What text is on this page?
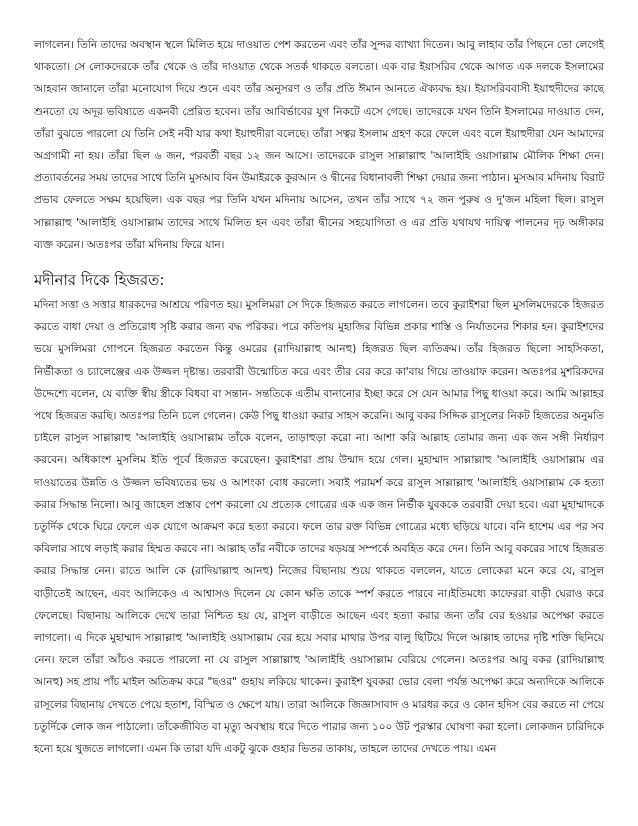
লাগলেন। তিনি তাদের অবস্থান স্থলে মিলিত হয়ে দাওয়াত পেশ করতেন এবং তাঁর সুন্দর ব্যাখ্যা দিতেন। আবু লাহাব তাঁর পিছনে তো লেগেই থাকতো। সে লোকদেরকে তাঁর থেকে ও তাঁর দাওয়াত থেকে সতর্ক থাকতে বলতো। এক বার ইয়াসরিব থেকে আগত এক দলকে ইসলামের আহবান জানালে তাঁরা মনোযোগ দিয়ে শুনে এবং তাঁর অনুসরণ ও তাঁর প্রতি ঈমান আনতে ঐক্যবদ্ধ হয়। ইয়াসরিববাসী ইয়াহুদীদের কাছে শুনতো যে অদূর ভবিষ্যতে একনবী প্রেরিত হবেন। তাঁর আবির্ভাবের যুগ নিকটে এসে গেছে। তাদেরকে যখন তিনি ইসলামের দাওয়াত দেন, তাঁরা বুঝতে পারলো যে তিনি সেই নবী যার কথা ইয়াহুদীরা বলেছে। তাঁরা সত্বর ইসলাম গ্রহণ করে ফেলে এবং বলে ইয়াহুদীরা যেন আমাদের অগ্রগামী না হয়। তাঁরা ছিল ৬ জন, পরবর্তী বছর ১২ জন আসে। তাদেরকে রাসুল সাল্লাল্লাহু 'আলাইহি ওয়াসাল্লাম মৌলিক শিক্ষা দেন। প্রত্যাবর্তনের সময় তাদের সাথে তিনি মুসআব বিন উমাইরকে কুরআন ও দ্বীনের বিধানাবলী শিক্ষা দেয়ার জন্য পাঠান। মুসআব মদিনায় বিরাট প্রভাব ফেলতে সক্ষম হয়েছিল। এক বছর পর তিনি যখন মদিনায় আসেন, তখন তাঁর সাথে ৭২ জন পুরুষ ও দু'জন মহিলা ছিল। রাসুল সাল্লাল্লাহু 'আলাইহি ওয়াসাল্লাম তাদের সাথে মিলিত হন এবং তাঁরা দ্বীনের সহযোগিতা ও এর প্রতি যথাযথ দায়িত্ব পালনের দৃঢ় অঙ্গীকার ব্যক্ত করেন। অতঃপর তাঁরা মদিনায় ফিরে যান।

মদীনার দিকে হিজরত:

মদিনা সত্তা ও সত্তার ধারকদের আশ্রয়ে পরিণত হয়। মুসলিমরা সে দিকে হিজরত করতে লাগলেন। তবে কুরাইশরা ছিল মুসলিমদেরকে হিজরত করতে বাধা দেয়া ও প্রতিরোধ সৃষ্টি করার জন্য বদ্ধ পরিকর। পরে কতিপয় মুহাজির বিভিন্ন প্রকার শাস্তি ও নির্যাতনের শিকার হন। কুরাইশদের ভয়ে মুসলিমরা গোপনে হিজরত করতেন কিন্তু ওমরের (রাদিয়াল্লাহু আনহু) হিজরত ছিল ব্যতিক্রম। তাঁর হিজরত ছিলো সাহসিকতা, নির্ভীকতা ও চ্যালেঞ্জের এক উজ্জল দৃষ্টান্ত। তরবারী উন্মোচিত করে এবং তীর বের করে কা'বায় গিয়ে তাওয়াফ করেন। অতঃপর মুশরিকদের উদ্দেশ্যে বলেন, যে ব্যক্তি স্বীয় স্ত্রীকে বিধবা বা সন্তান- সন্ততিকে এতীম বানানোর ইচ্ছা করে সে যেন আমার পিছু ধাওয়া করে। আমি আল্লাহর পথে হিজরত করছি। অতঃপর তিনি চলে গেলেন। কেউ পিছু ধাওয়া করার সাহস করেনি। আবু বকর সিদ্দিক রাসূলের নিকট হিজতের অনুমতি চাইলে রাসুল সাল্লাল্লাহু 'আলাইহি ওয়াসাল্লাম তাঁকে বলেন, তাড়াহুড়া করো না। আশা করি আল্লাহ তোমার জন্য এক জন সঙ্গী নির্ধারণ করবেন। অধিকাংশ মুসলিম ইতি পূর্বে হিজরত করেছেন। কুরাইশরা প্রায় উন্মাদ হয়ে গেল। মুহাম্মাদ সাল্লাল্লাহু 'আলাইহি ওয়াসাল্লাম এর দাওয়াতের উন্নতি ও উজ্জল ভবিষ্যতের ভয় ও আশংকা বোধ করলো। সবাই পরামর্শ করে রাসুল সাল্লাল্লাহু 'আলাইহি ওয়াসাল্লাম কে হত্যা করার সিদ্ধান্ত নিলো। আবু জাহেল প্রস্তাব পেশ করলো যে প্রত্যেক গোত্রের এক এক জন নির্ভীক যুবককে তরবারী দেয়া হবে। এরা মুহাম্মাদকে চতুর্দিক থেকে ঘিরে ফেলে এক যোগে আক্রমণ করে হত্যা করবে। ফলে তার রক্ত বিভিন্ন গোত্রের মধ্যে ছড়িয়ে যাবে। বনি হাশেম এর পর সব কবিলার সাথে লড়াই করার হিম্মত করবে না। আল্লাহ তাঁর নবীকে তাদের ষড়যন্ত্র সম্পর্কে অবহিত করে দেন। তিনি আবু বকরের সাথে হিজরত করার সিদ্ধান্ত নেন। রাতে আলি কে (রাদিয়াল্লাহু আনহু) নিজের বিছানায় শুয়ে থাকতে বললেন, যাতে লোকেরা মনে করে যে, রাসুল বাড়ীতেই আছেন, এবং আলিকেও এ আশ্বাসও দিলেন যে কোন ক্ষতি তাকে স্পর্শ করতে পারবে না।ইতিমধ্যে কাফেররা বাড়ী ঘেরাও করে ফেলেছে। বিছানায় আলিকে দেখে তারা নিশ্চিত হয় যে, রাসুল বাড়ীতে আছেন এবং হত্যা করার জন্য তাঁর বের হওয়ার অপেক্ষা করতে লাগলো। এ দিকে মুহাম্মাদ সাল্লাল্লাহু 'আলাইহি ওয়াসাল্লাম বের হয়ে সবার মাথার উপর বালু ছিটিয়ে দিলে আল্লাহ তাদের দৃষ্টি শক্তি ছিনিয়ে নেন। ফলে তাঁরা আঁচও করতে পারলো না যে রাসুল সাল্লাল্লাহু 'আলাইহি ওয়াসাল্লাম বেরিয়ে গেলেন। অতঃপর আবু বকর (রাদিয়াল্লাহু আনহু) সহ প্রায় পাঁচ মাইল অতিক্রম করে "ছওর" গুহায় লকিয়ে থাকেন। কুরাইশ যুবকরা ভোর বেলা পর্যন্ত অপেক্ষা করে অন্যদিকে আলিকে রাসূলের বিছানায় দেখতে পেয়ে হতাশ, বিস্মিত ও ক্ষেপে যায়। তারা আলিকে জিজ্ঞাসাবাদ ও মারধর করে ও কোন হদিস বের করতে না পেয়ে চতুর্দিকে লোক জন পাঠালো। তাঁকেজীবিত বা মৃত্যু অবস্থায় ধরে দিতে পারার জন্য ১০০ উট পুরস্কার ঘোষণা করা হলো। লোকজন চারিদিকে হন্যে হয়ে খুজতে লাগলো। এমন কি তারা যদি একটু ঝুকে গুহার ভিতর তাকায়, তাহলে তাদের দেখতে পায়। এমন
